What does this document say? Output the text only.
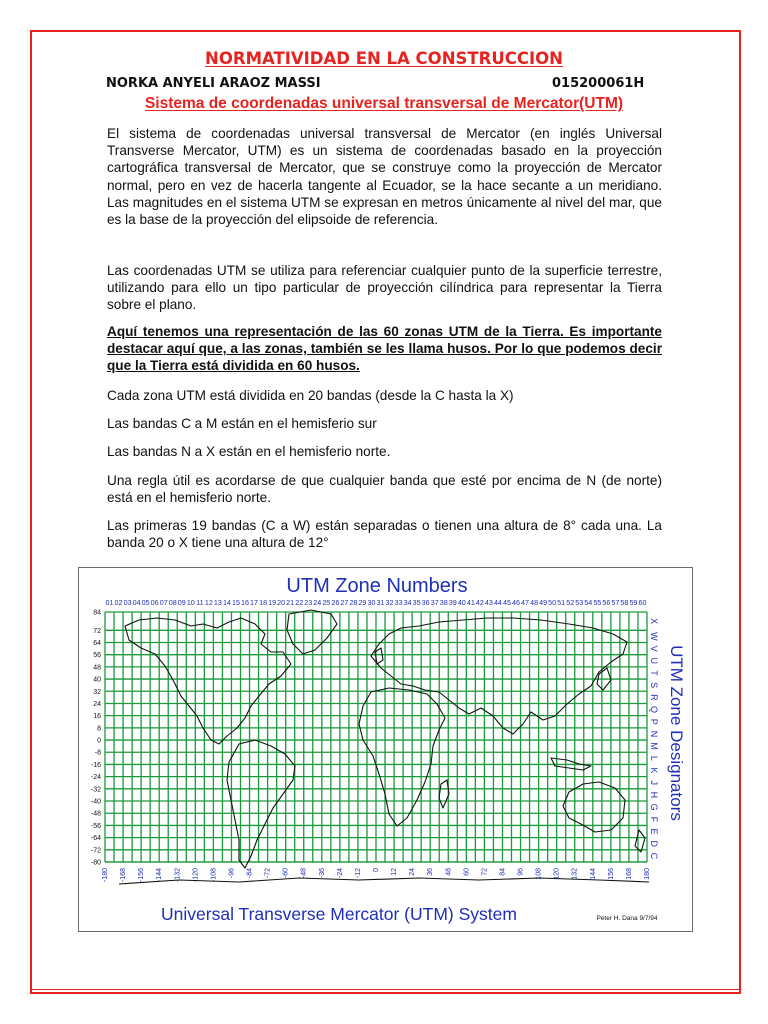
NORMATIVIDAD EN LA CONSTRUCCION
NORKA ANYELI ARAOZ MASSI	015200061H
Sistema de coordenadas universal transversal de Mercator(UTM)

El sistema de coordenadas universal transversal de Mercator (en inglés Universal Transverse Mercator, UTM) es un sistema de coordenadas basado en la proyección cartográfica transversal de Mercator, que se construye como la proyección de Mercator normal, pero en vez de hacerla tangente al Ecuador, se la hace secante a un meridiano. Las magnitudes en el sistema UTM se expresan en metros únicamente al nivel del mar, que es la base de la proyección del elipsoide de referencia.

Las coordenadas UTM se utiliza para referenciar cualquier punto de la superficie terrestre, utilizando para ello un tipo particular de proyección cilíndrica para representar la Tierra sobre el plano.

Aquí tenemos una representación de las 60 zonas UTM de la Tierra. Es importante destacar aquí que, a las zonas, también se les llama husos. Por lo que podemos decir que la Tierra está dividida en 60 husos.

Cada zona UTM está dividida en 20 bandas (desde la C hasta la X)

Las bandas C a M están en el hemisferio sur

Las bandas N a X están en el hemisferio norte.

Una regla útil es acordarse de que cualquier banda que esté por encima de N (de norte) está en el hemisferio norte.

Las primeras 19 bandas (C a W) están separadas o tienen una altura de 8° cada una. La banda 20 o X tiene una altura de 12°

UTM Zone Numbers
Universal Transverse Mercator (UTM) System	Peter H. Dana 9/7/94
UTM Zone Designators
01 02 03 04 05 06 07 08 09 10 11 12 13 14 15 16 17 18 19 20 21 22 23 24 25 26 27 28 29 30 31 32 33 34 35 36 37 38 39 40 41 42 43 44 45 46 47 48 49 50 51 52 53 54 55 56 57 58 59 60
84
72
64
56
48
40
32
24
16
8
0
-8
-16
-24
-32
-40
-48
-56
-64
-72
-80
X
W
V
U
T
S
R
Q
P
N
M
L
K
J
H
G
F
E
D
C
-180 -168 -156 -144 -132 -120 -108 -96 -84 -72 -60 -48 -36 -24 -12 0 12 24 36 48 60 72 84 96 108 120 132 144 156 168 180
